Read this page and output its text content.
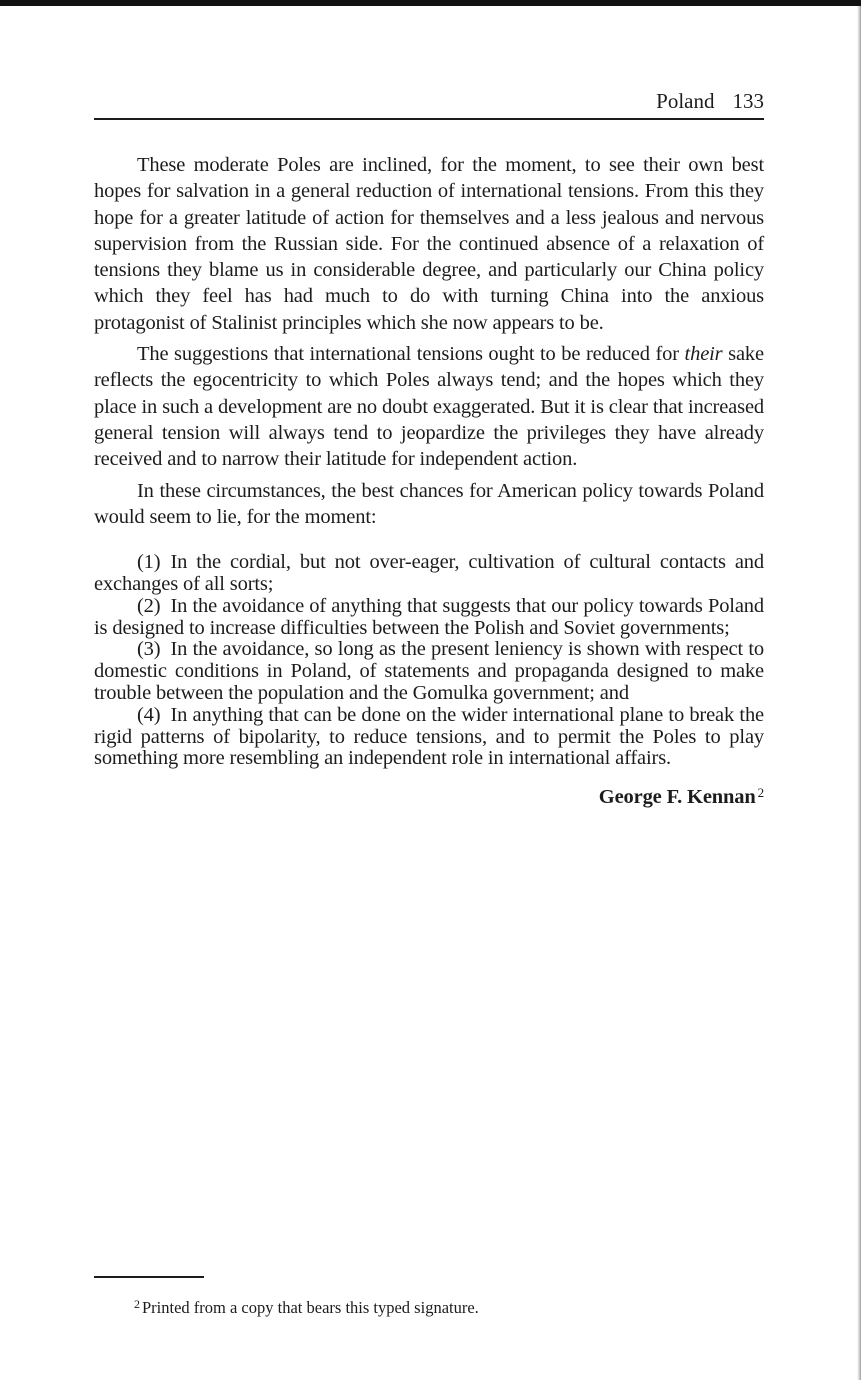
Poland 133

These moderate Poles are inclined, for the moment, to see their own best hopes for salvation in a general reduction of international tensions. From this they hope for a greater latitude of action for themselves and a less jealous and nervous supervision from the Russian side. For the continued absence of a relaxation of tensions they blame us in considerable degree, and particularly our China policy which they feel has had much to do with turning China into the anxious protagonist of Stalinist principles which she now appears to be.

The suggestions that international tensions ought to be reduced for their sake reflects the egocentricity to which Poles always tend; and the hopes which they place in such a development are no doubt exaggerated. But it is clear that increased general tension will always tend to jeopardize the privileges they have already received and to narrow their latitude for independent action.

In these circumstances, the best chances for American policy towards Poland would seem to lie, for the moment:

(1) In the cordial, but not over-eager, cultivation of cultural contacts and exchanges of all sorts;
(2) In the avoidance of anything that suggests that our policy towards Poland is designed to increase difficulties between the Polish and Soviet governments;
(3) In the avoidance, so long as the present leniency is shown with respect to domestic conditions in Poland, of statements and propaganda designed to make trouble between the population and the Gomulka government; and
(4) In anything that can be done on the wider international plane to break the rigid patterns of bipolarity, to reduce tensions, and to permit the Poles to play something more resembling an independent role in international affairs.
George F. Kennan $^2$
$^2$ Printed from a copy that bears this typed signature.
